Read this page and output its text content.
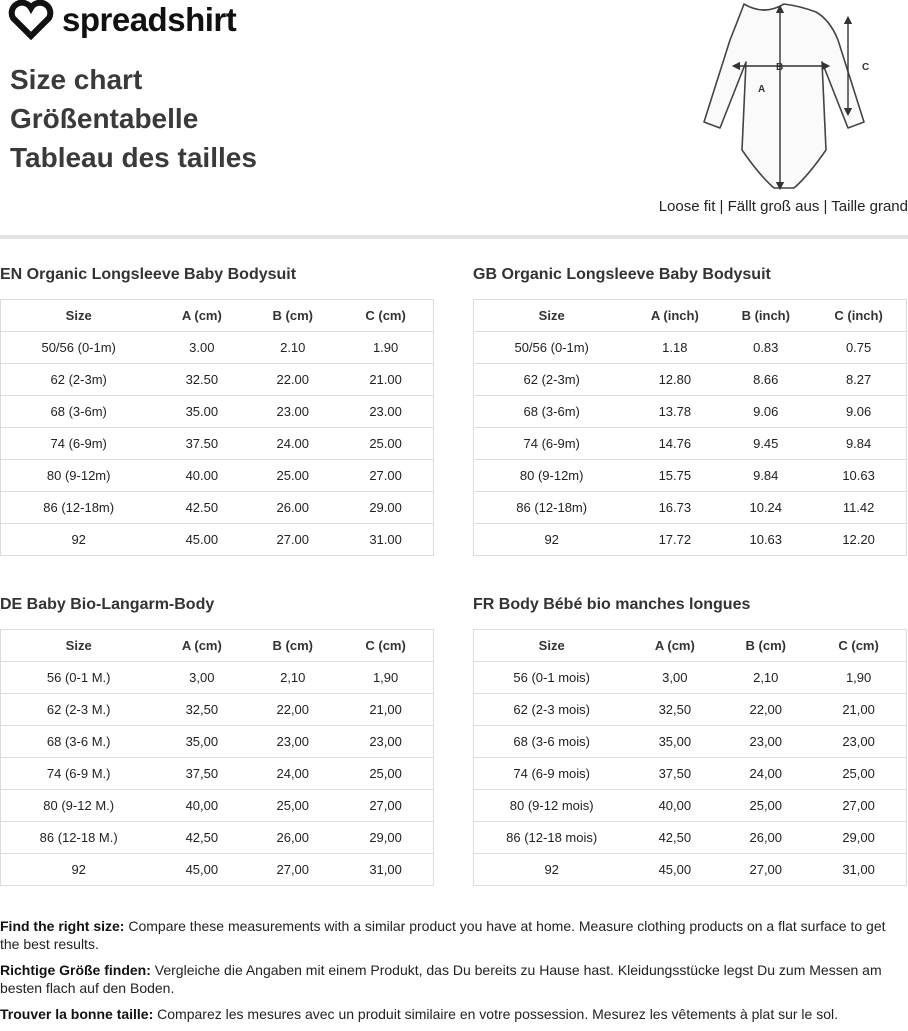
spreadshirt
Size chart
Größentabelle
Tableau des tailles
A
B	C
Loose fit | Fällt groß aus | Taille grand
EN Organic Longsleeve Baby Bodysuit
Size	A (cm)	B (cm)	C (cm)
50/56 (0-1m)	3.00	2.10	1.90
62 (2-3m)	32.50	22.00	21.00
68 (3-6m)	35.00	23.00	23.00
74 (6-9m)	37.50	24.00	25.00
80 (9-12m)	40.00	25.00	27.00
86 (12-18m)	42.50	26.00	29.00
92	45.00	27.00	31.00
GB Organic Longsleeve Baby Bodysuit
Size	A (inch)	B (inch)	C (inch)
50/56 (0-1m)	1.18	0.83	0.75
62 (2-3m)	12.80	8.66	8.27
68 (3-6m)	13.78	9.06	9.06
74 (6-9m)	14.76	9.45	9.84
80 (9-12m)	15.75	9.84	10.63
86 (12-18m)	16.73	10.24	11.42
92	17.72	10.63	12.20
DE Baby Bio-Langarm-Body
Size	A (cm)	B (cm)	C (cm)
56 (0-1 M.)	3,00	2,10	1,90
62 (2-3 M.)	32,50	22,00	21,00
68 (3-6 M.)	35,00	23,00	23,00
74 (6-9 M.)	37,50	24,00	25,00
80 (9-12 M.)	40,00	25,00	27,00
86 (12-18 M.)	42,50	26,00	29,00
92	45,00	27,00	31,00
FR Body Bébé bio manches longues
Size	A (cm)	B (cm)	C (cm)
56 (0-1 mois)	3,00	2,10	1,90
62 (2-3 mois)	32,50	22,00	21,00
68 (3-6 mois)	35,00	23,00	23,00
74 (6-9 mois)	37,50	24,00	25,00
80 (9-12 mois)	40,00	25,00	27,00
86 (12-18 mois)	42,50	26,00	29,00
92	45,00	27,00	31,00

Find the right size: Compare these measurements with a similar product you have at home. Measure clothing products on a flat surface to get the best results.

Richtige Größe finden: Vergleiche die Angaben mit einem Produkt, das Du bereits zu Hause hast. Kleidungsstücke legst Du zum Messen am besten flach auf den Boden.

Trouver la bonne taille: Comparez les mesures avec un produit similaire en votre possession. Mesurez les vêtements à plat sur le sol.
